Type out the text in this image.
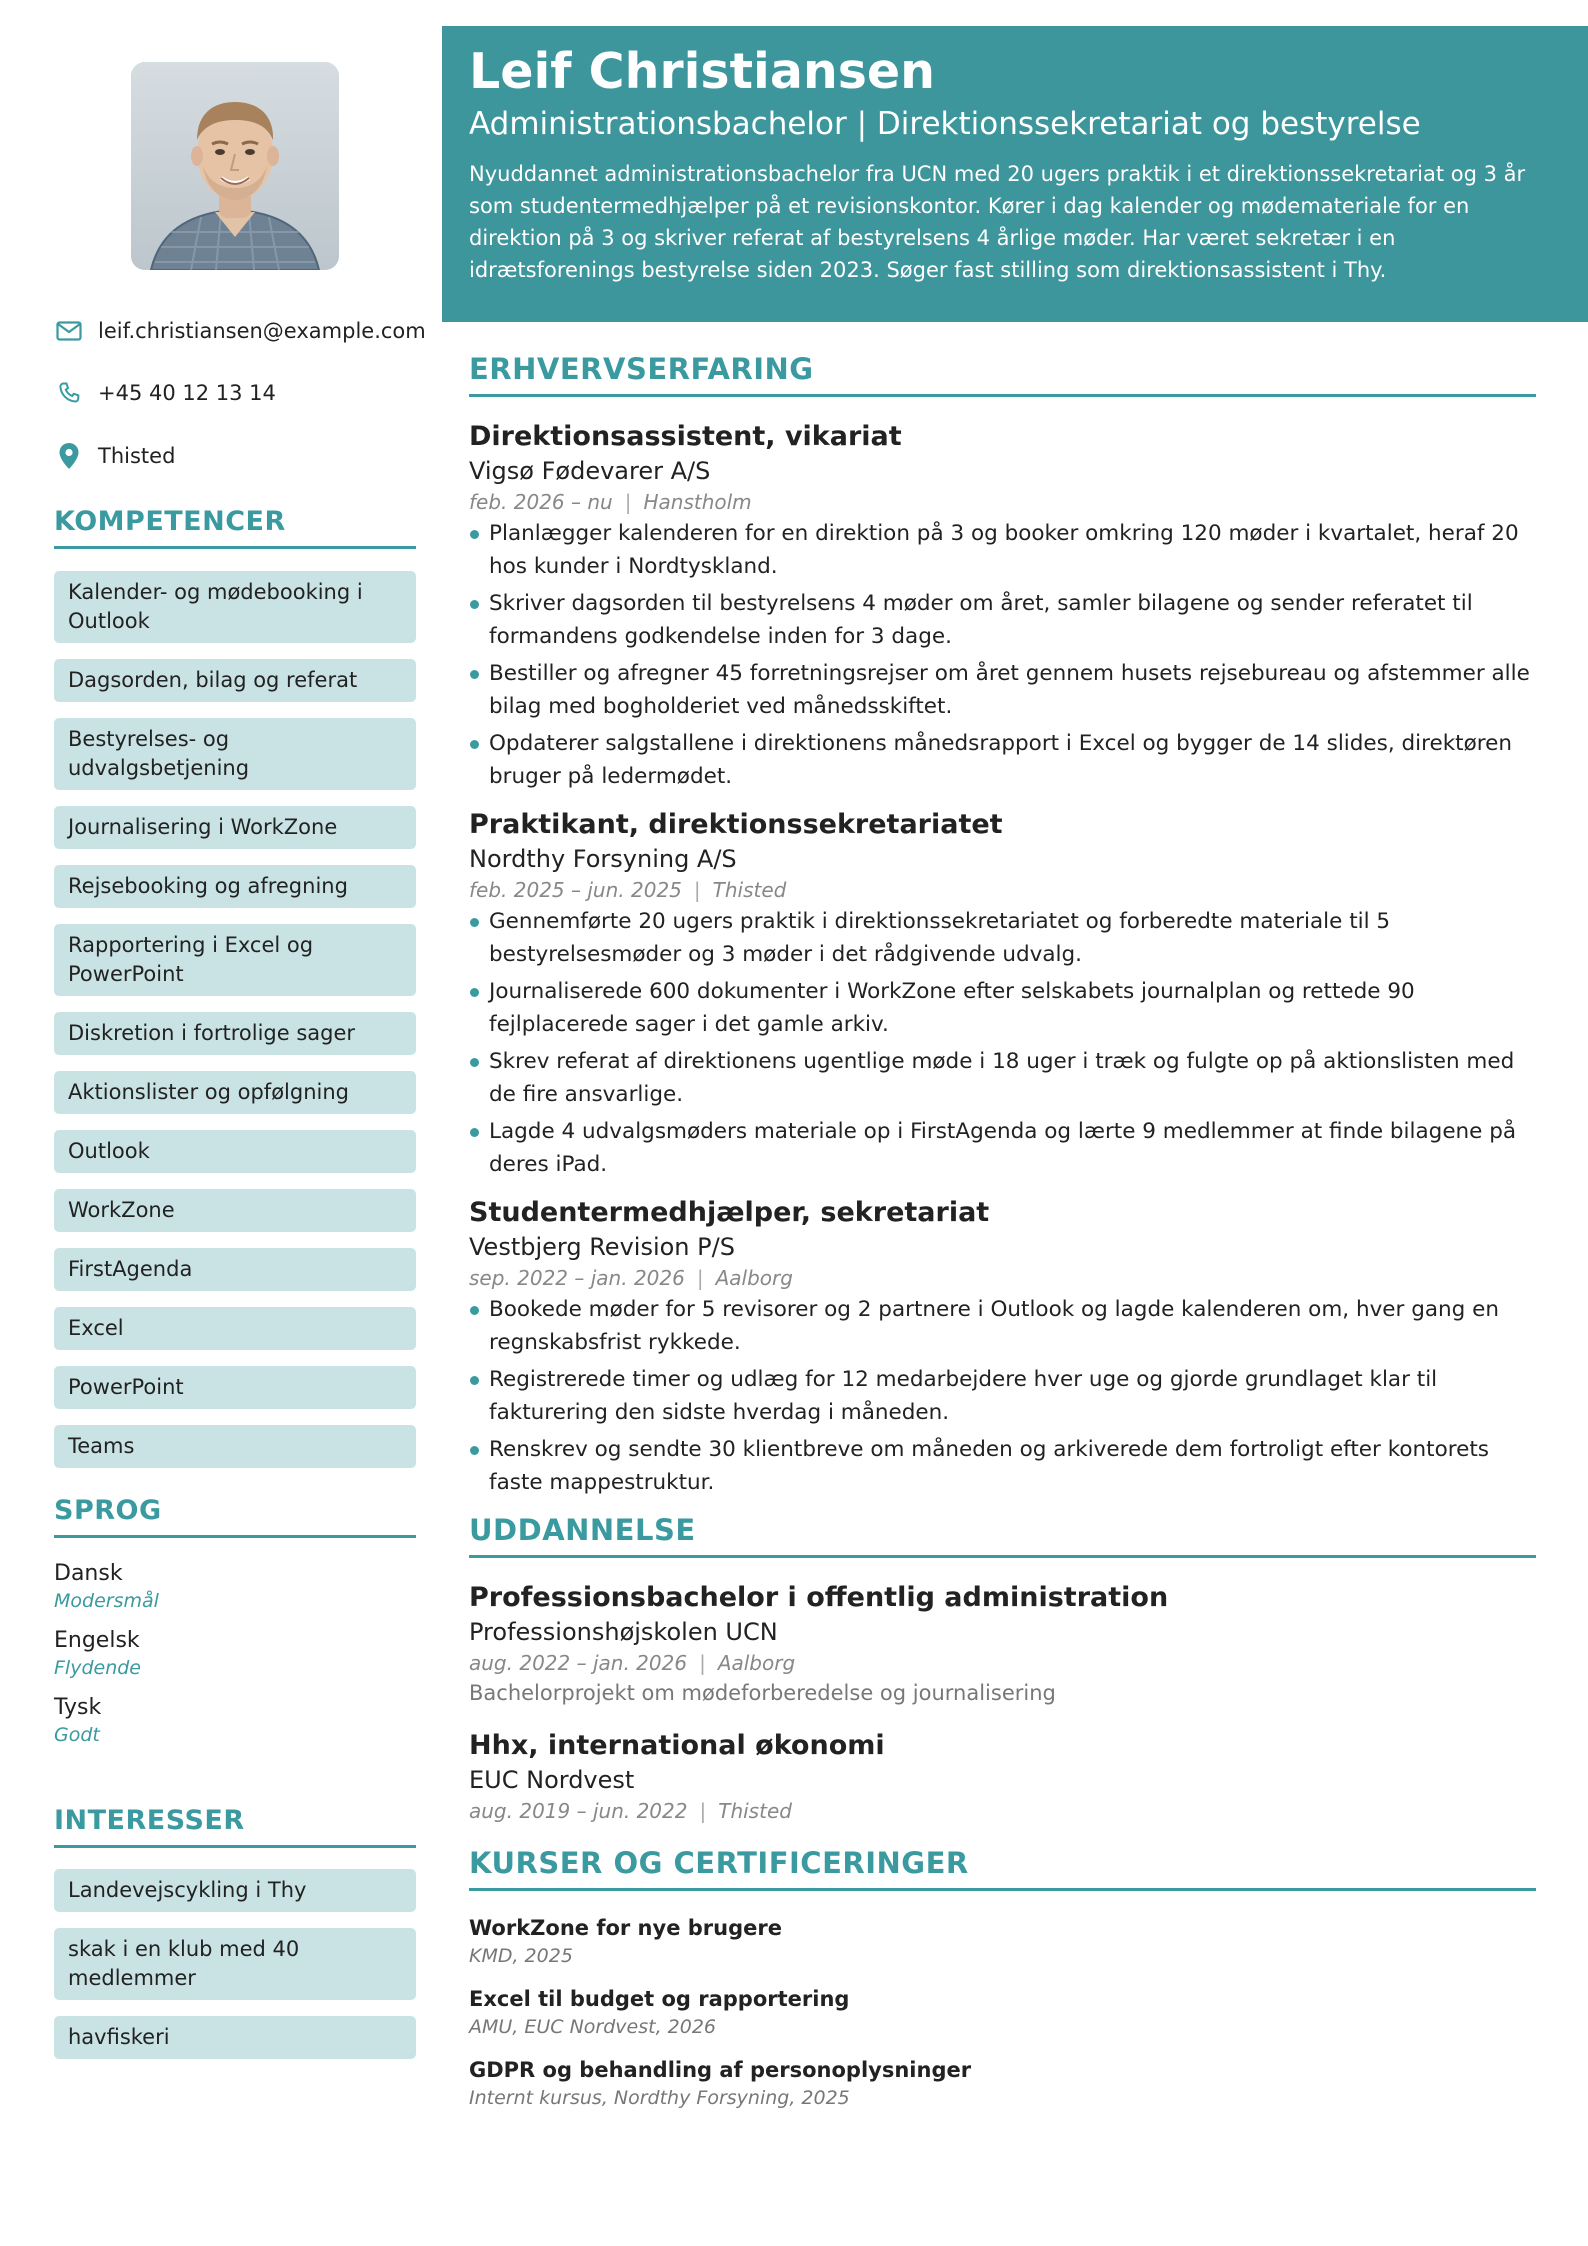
leif.christiansen@example.com
+45 40 12 13 14
Thisted
KOMPETENCER
Kalender- og mødebooking i Outlook
Dagsorden, bilag og referat
Bestyrelses- og udvalgsbetjening
Journalisering i WorkZone
Rejsebooking og afregning
Rapportering i Excel og PowerPoint
Diskretion i fortrolige sager
Aktionslister og opfølgning
Outlook
WorkZone
FirstAgenda
Excel
PowerPoint
Teams
SPROG
Dansk
Modersmål
Engelsk
Flydende
Tysk
Godt
INTERESSER
Landevejscykling i Thy
skak i en klub med 40 medlemmer
havfiskeri
Leif Christiansen
Administrationsbachelor | Direktionssekretariat og bestyrelse
Nyuddannet administrationsbachelor fra UCN med 20 ugers praktik i et direktionssekretariat og 3 år som studentermedhjælper på et revisionskontor. Kører i dag kalender og mødemateriale for en direktion på 3 og skriver referat af bestyrelsens 4 årlige møder. Har været sekretær i en idrætsforenings bestyrelse siden 2023. Søger fast stilling som direktionsassistent i Thy.
ERHVERVSERFARING
Direktionsassistent, vikariat
Vigsø Fødevarer A/S
feb. 2026 – nu | Hanstholm
Planlægger kalenderen for en direktion på 3 og booker omkring 120 møder i kvartalet, heraf 20 hos kunder i Nordtyskland.
Skriver dagsorden til bestyrelsens 4 møder om året, samler bilagene og sender referatet til formandens godkendelse inden for 3 dage.
Bestiller og afregner 45 forretningsrejser om året gennem husets rejsebureau og afstemmer alle bilag med bogholderiet ved månedsskiftet.
Opdaterer salgstallene i direktionens månedsrapport i Excel og bygger de 14 slides, direktøren bruger på ledermødet.
Praktikant, direktionssekretariatet
Nordthy Forsyning A/S
feb. 2025 – jun. 2025 | Thisted
Gennemførte 20 ugers praktik i direktionssekretariatet og forberedte materiale til 5 bestyrelsesmøder og 3 møder i det rådgivende udvalg.
Journaliserede 600 dokumenter i WorkZone efter selskabets journalplan og rettede 90 fejlplacerede sager i det gamle arkiv.
Skrev referat af direktionens ugentlige møde i 18 uger i træk og fulgte op på aktionslisten med de fire ansvarlige.
Lagde 4 udvalgsmøders materiale op i FirstAgenda og lærte 9 medlemmer at finde bilagene på deres iPad.
Studentermedhjælper, sekretariat
Vestbjerg Revision P/S
sep. 2022 – jan. 2026 | Aalborg
Bookede møder for 5 revisorer og 2 partnere i Outlook og lagde kalenderen om, hver gang en regnskabsfrist rykkede.
Registrerede timer og udlæg for 12 medarbejdere hver uge og gjorde grundlaget klar til fakturering den sidste hverdag i måneden.
Renskrev og sendte 30 klientbreve om måneden og arkiverede dem fortroligt efter kontorets faste mappestruktur.
UDDANNELSE
Professionsbachelor i offentlig administration
Professionshøjskolen UCN
aug. 2022 – jan. 2026 | Aalborg
Bachelorprojekt om mødeforberedelse og journalisering
Hhx, international økonomi
EUC Nordvest
aug. 2019 – jun. 2022 | Thisted
KURSER OG CERTIFICERINGER
WorkZone for nye brugere
KMD, 2025
Excel til budget og rapportering
AMU, EUC Nordvest, 2026
GDPR og behandling af personoplysninger
Internt kursus, Nordthy Forsyning, 2025
